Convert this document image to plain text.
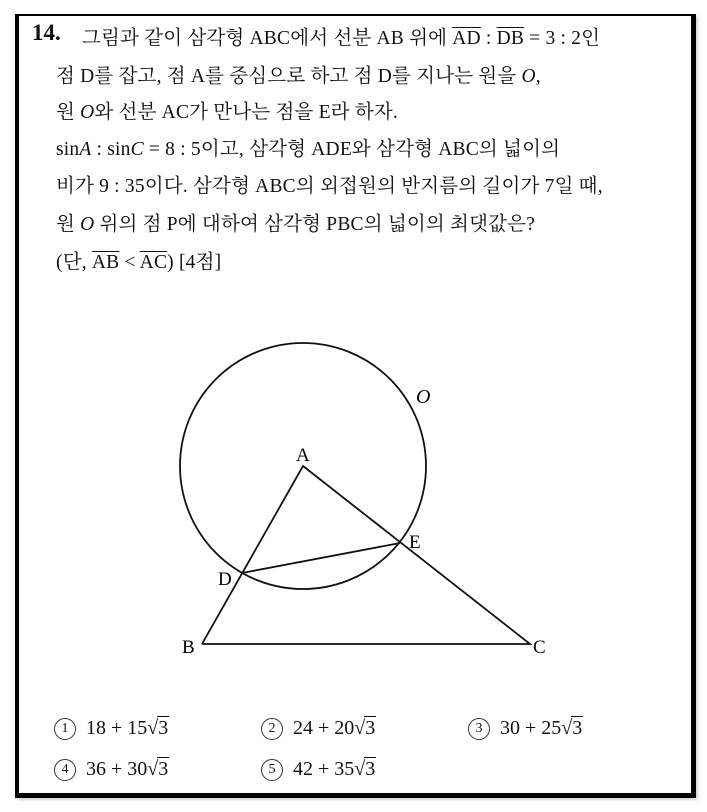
14. 그림과 같이 삼각형 ABC에서 선분 AB 위에 $\overline{AD}$ : $\overline{DB} = 3$ : 2인
점 D를 잡고, 점 A를 중심으로 하고 점 D를 지나는 원을 O,
원 O와 선분 AC가 만나는 점을 E라 하자.
sinA : sinC = 8 : 5이고, 삼각형 ADE와 삼각형 ABC의 넓이의
비가 9 : 35이다. 삼각형 ABC의 외접원의 반지름의 길이가 7일 때,
원 O 위의 점 P에 대하여 삼각형 PBC의 넓이의 최댓값은?
(단, $\overline{AB} < \overline{AC}$) [4점]
A
B	C
D
E
O
1 18 + 15√3	2 24 + 20√3	3 30 + 25√3
4 36 + 30√3	5 42 + 35√3
